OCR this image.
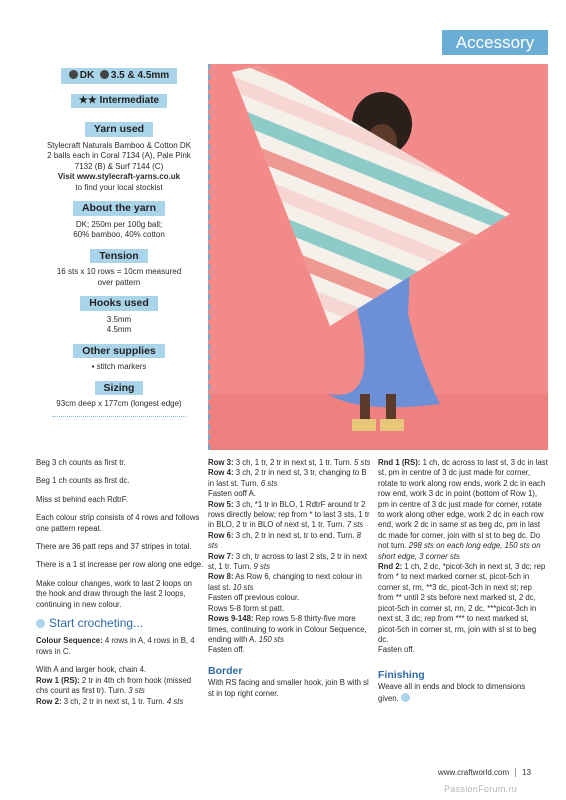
Accessory
DK 3.5 & 4.5mm
★★ Intermediate
Yarn used

Stylecraft Naturals Bamboo & Cotton DK

2 balls each in Coral 7134 (A), Pale Pink

7132 (B) & Surf 7144 (C)

Visit www.stylecraft-yarns.co.uk

to find your local stockist

About the yarn

DK; 250m per 100g ball;

60% bamboo, 40% cotton

Tension

16 sts x 10 rows = 10cm measured

over pattern

Hooks used

3.5mm

4.5mm

Other supplies

▪ stitch markers

Sizing

93cm deep x 177cm (longest edge)

Beg 3 ch counts as first tr.

Beg 1 ch counts as first dc.

Miss st behind each RdtrF.

Each colour strip consists of 4 rows and follows one pattern repeat.

There are 36 patt reps and 37 stripes in total.

There is a 1 st increase per row along one edge.

Make colour changes, work to last 2 loops on the hook and draw through the last 2 loops, continuing in new colour.

Start crocheting...

Colour Sequence: 4 rows in A, 4 rows in B, 4 rows in C.

With A and larger hook, chain 4.

Row 1 (RS): 2 tr in 4th ch from hook (missed chs count as first tr). Turn. 3 sts

Row 2: 3 ch, 2 tr in next st, 1 tr. Turn. 4 sts

Row 3: 3 ch, 1 tr, 2 tr in next st, 1 tr. Turn. 5 sts

Row 4: 3 ch, 2 tr in next st, 3 tr, changing to B in last st. Turn. 6 sts

Fasten ooff A.

Row 5: 3 ch, *1 tr in BLO, 1 RdtrF around tr 2 rows directly below; rep from * to last 3 sts, 1 tr in BLO, 2 tr in BLO of next st, 1 tr. Turn. 7 sts

Row 6: 3 ch, 2 tr in next st, tr to end. Turn. 8 sts

Row 7: 3 ch, tr across to last 2 sts, 2 tr in next st, 1 tr. Turn. 9 sts

Row 8: As Row 6, changing to next colour in last st. 10 sts

Fasten off previous colour.

Rows 5-8 form st patt.

Rows 9-148: Rep rows 5-8 thirty-five more times, continuing to work in Colour Sequence, ending with A. 150 sts

Fasten off.

Border

With RS facing and smaller hook, join B with sl st in top right corner.

Rnd 1 (RS): 1 ch, dc across to last st, 3 dc in last st, pm in centre of 3 dc just made for corner, rotate to work along row ends, work 2 dc in each row end, work 3 dc in point (bottom of Row 1), pm in centre of 3 dc just made for corner, rotate to work along other edge, work 2 dc in each row end, work 2 dc in same st as beg dc, pm in last dc made for corner, join with sl st to beg dc. Do not turn. 298 sts on each long edge, 150 sts on short edge, 3 corner sts

Rnd 2: 1 ch, 2 dc, *picot-3ch in next st, 3 dc; rep from * to next marked corner st, picot-5ch in corner st, rm, **3 dc, picot-3ch in next st; rep from ** until 2 sts before next marked st, 2 dc, picot-5ch in corner st, rm, 2 dc, ***picot-3ch in next st, 3 dc; rep from *** to next marked st, picot-5ch in corner st, rm, join with sl st to beg dc.

Fasten off.

Finishing

Weave all in ends and block to dimensions given.

www.craftworld.com 13
PassionForum.ru
